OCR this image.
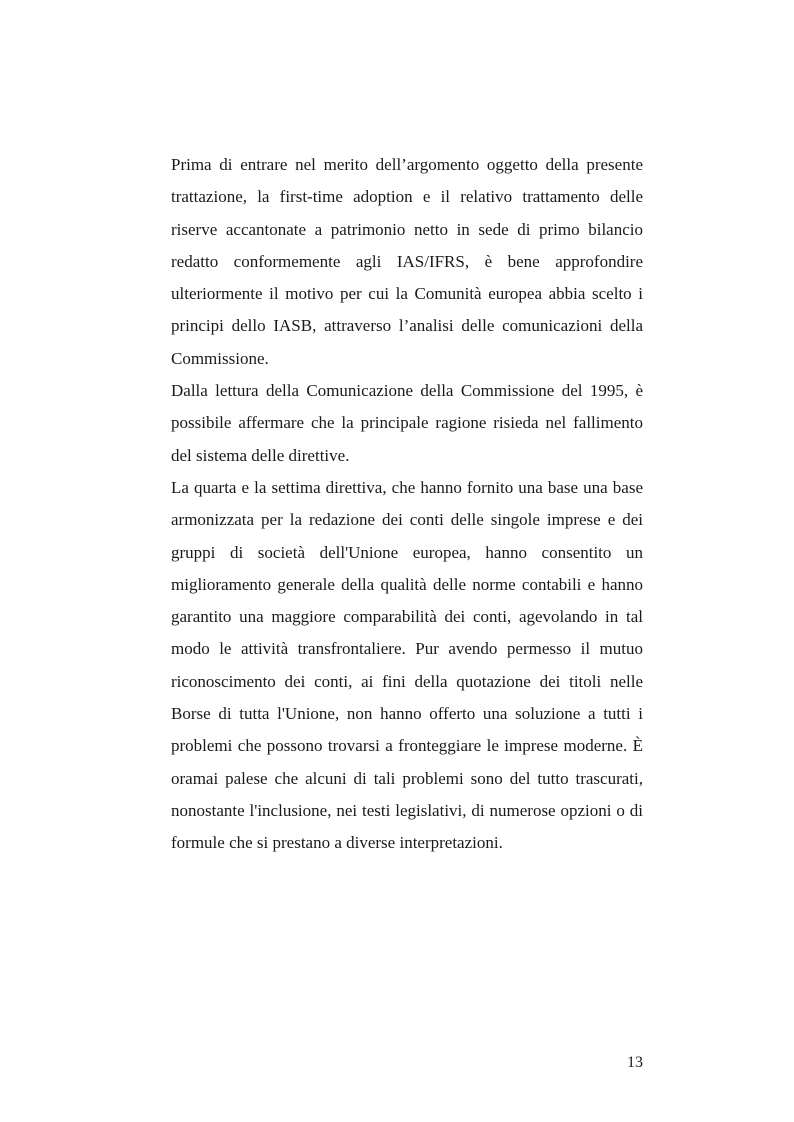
Prima di entrare nel merito dell’argomento oggetto della presente trattazione, la first-time adoption e il relativo trattamento delle riserve accantonate a patrimonio netto in sede di primo bilancio redatto conformemente agli IAS/IFRS, è bene approfondire ulteriormente il motivo per cui la Comunità europea abbia scelto i principi dello IASB, attraverso l’analisi delle comunicazioni della Commissione.

Dalla lettura della Comunicazione della Commissione del 1995, è possibile affermare che la principale ragione risieda nel fallimento del sistema delle direttive.

La quarta e la settima direttiva, che hanno fornito una base una base armonizzata per la redazione dei conti delle singole imprese e dei gruppi di società dell'Unione europea, hanno consentito un miglioramento generale della qualità delle norme contabili e hanno garantito una maggiore comparabilità dei conti, agevolando in tal modo le attività transfrontaliere. Pur avendo permesso il mutuo riconoscimento dei conti, ai fini della quotazione dei titoli nelle Borse di tutta l'Unione, non hanno offerto una soluzione a tutti i problemi che possono trovarsi a fronteggiare le imprese moderne. È oramai palese che alcuni di tali problemi sono del tutto trascurati, nonostante l'inclusione, nei testi legislativi, di numerose opzioni o di formule che si prestano a diverse interpretazioni.

13
